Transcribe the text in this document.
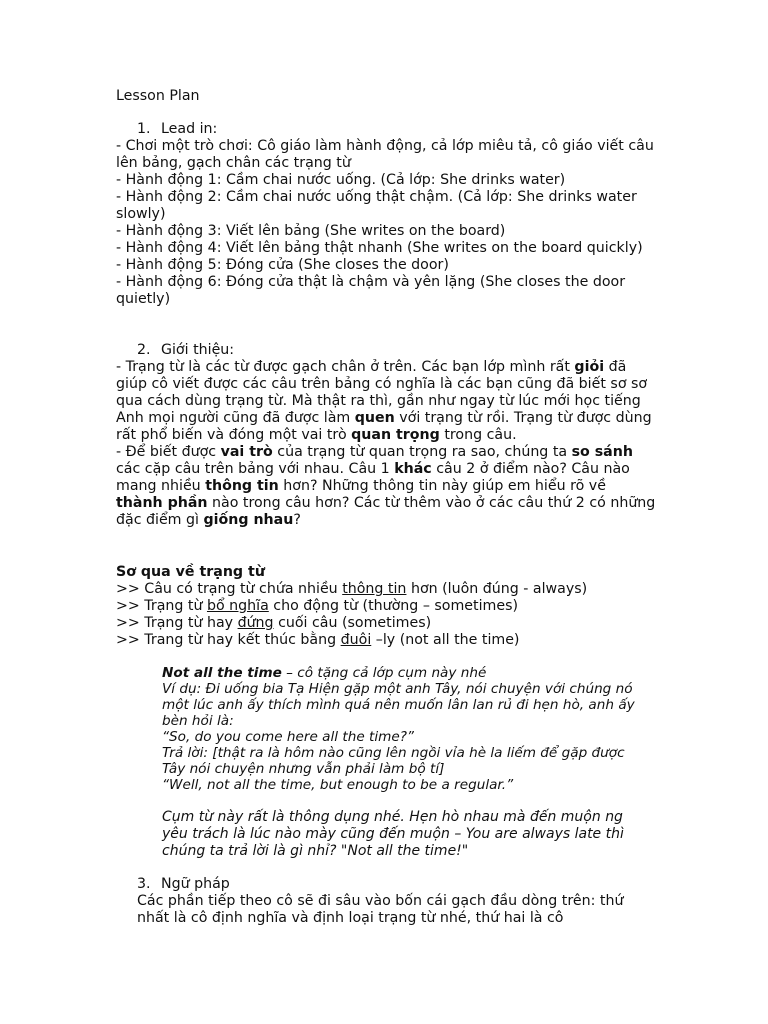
Lesson Plan

1. Lead in:

- Chơi một trò chơi: Cô giáo làm hành động, cả lớp miêu tả, cô giáo viết câu lên bảng, gạch chân các trạng từ

- Hành động 1: Cầm chai nước uống. (Cả lớp: She drinks water)

- Hành động 2: Cầm chai nước uống thật chậm. (Cả lớp: She drinks water slowly)

- Hành động 3: Viết lên bảng (She writes on the board)

- Hành động 4: Viết lên bảng thật nhanh (She writes on the board quickly)

- Hành động 5: Đóng cửa (She closes the door)

- Hành động 6: Đóng cửa thật là chậm và yên lặng (She closes the door quietly)

2. Giới thiệu:

- Trạng từ là các từ được gạch chân ở trên. Các bạn lớp mình rất giỏi đã giúp cô viết được các câu trên bảng có nghĩa là các bạn cũng đã biết sơ sơ qua cách dùng trạng từ. Mà thật ra thì, gần như ngay từ lúc mới học tiếng Anh mọi người cũng đã được làm quen với trạng từ rồi. Trạng từ được dùng rất phổ biến và đóng một vai trò quan trọng trong câu.

- Để biết được vai trò của trạng từ quan trọng ra sao, chúng ta so sánh các cặp câu trên bảng với nhau. Câu 1 khác câu 2 ở điểm nào? Câu nào mang nhiều thông tin hơn? Những thông tin này giúp em hiểu rõ về thành phần nào trong câu hơn? Các từ thêm vào ở các câu thứ 2 có những đặc điểm gì giống nhau?

Sơ qua về trạng từ

>> Câu có trạng từ chứa nhiều thông tin hơn (luôn đúng - always)

>> Trạng từ bổ nghĩa cho động từ (thường – sometimes)

>> Trạng từ hay đứng cuối câu (sometimes)

>> Trang từ hay kết thúc bằng đuôi –ly (not all the time)

Not all the time – cô tặng cả lớp cụm này nhé

Ví dụ: Đi uống bia Tạ Hiện gặp một anh Tây, nói chuyện với chúng nó một lúc anh ấy thích mình quá nên muốn lân lan rủ đi hẹn hò, anh ấy bèn hỏi là:

“So, do you come here all the time?”

Trả lời: [thật ra là hôm nào cũng lên ngồi vỉa hè la liếm để gặp được Tây nói chuyện nhưng vẫn phải làm bộ tí]

“Well, not all the time, but enough to be a regular.”

Cụm từ này rất là thông dụng nhé. Hẹn hò nhau mà đến muộn ng yêu trách là lúc nào mày cũng đến muộn – You are always late thì chúng ta trả lời là gì nhỉ? "Not all the time!"

3. Ngữ pháp

Các phần tiếp theo cô sẽ đi sâu vào bốn cái gạch đầu dòng trên: thứ nhất là cô định nghĩa và định loại trạng từ nhé, thứ hai là cô
